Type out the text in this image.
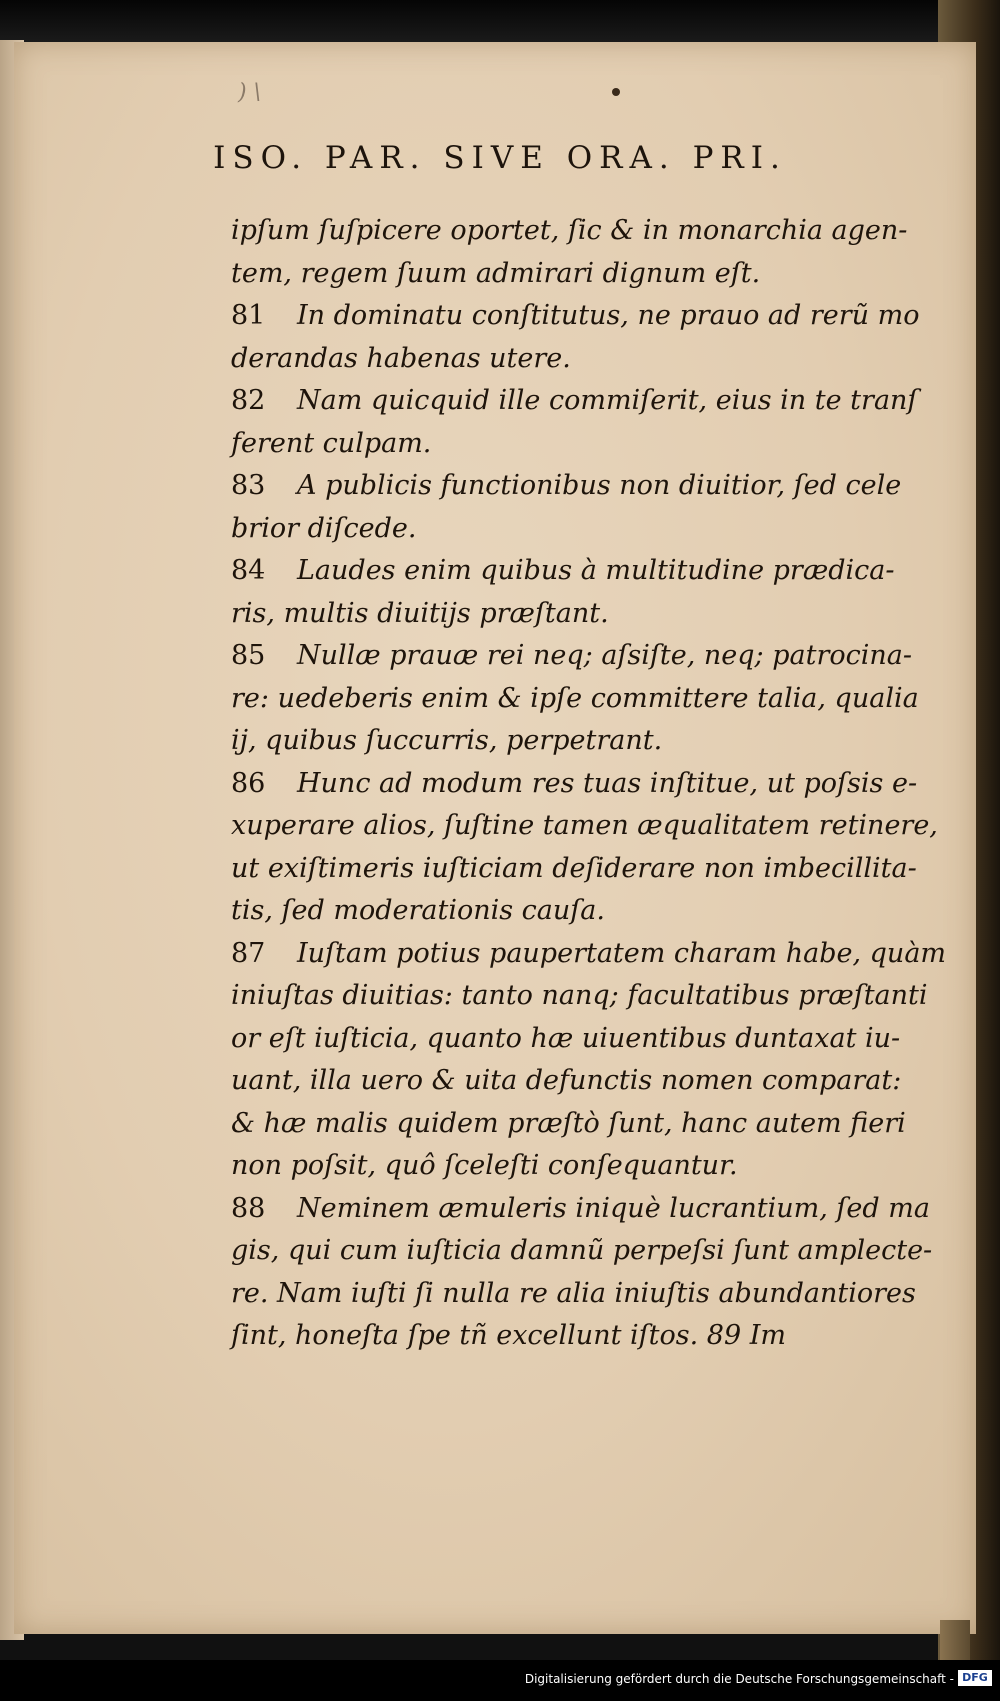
) \
ISO. PAR. SIVE ORA. PRI.
ipſum ſuſpicere oportet, ſic & in monarchia agen-
tem, regem ſuum admirari dignum eſt.
81 In dominatu conſtitutus, ne prauo ad rerũ mo
derandas habenas utere.
82 Nam quicquid ille commiſerit, eius in te tranſ
ferent culpam.
83 A publicis functionibus non diuitior, ſed cele
brior diſcede.
84 Laudes enim quibus à multitudine prædica-
ris, multis diuitijs præſtant.
85 Nullæ prauæ rei neq; aſsiſte, neq; patrocina-
re: uedeberis enim & ipſe committere talia, qualia
ij, quibus ſuccurris, perpetrant.
86 Hunc ad modum res tuas inſtitue, ut poſsis e-
xuperare alios, ſuſtine tamen æqualitatem retinere,
ut exiſtimeris iuſticiam deſiderare non imbecillita-
tis, ſed moderationis cauſa.
87 Iuſtam potius paupertatem charam habe, quàm
iniuſtas diuitias: tanto nanq; facultatibus præſtanti
or eſt iuſticia, quanto hæ uiuentibus duntaxat iu-
uant, illa uero & uita defunctis nomen comparat:
& hæ malis quidem præſtò ſunt, hanc autem fieri
non poſsit, quô ſceleſti conſequantur.
88 Neminem æmuleris iniquè lucrantium, ſed ma
gis, qui cum iuſticia damnũ perpeſsi ſunt amplecte-
re. Nam iuſti ſi nulla re alia iniuſtis abundantiores
ſint, honeſta ſpe tñ excellunt iſtos. 89 Im
Digitalisierung gefördert durch die Deutsche Forschungsgemeinschaft - DFG
